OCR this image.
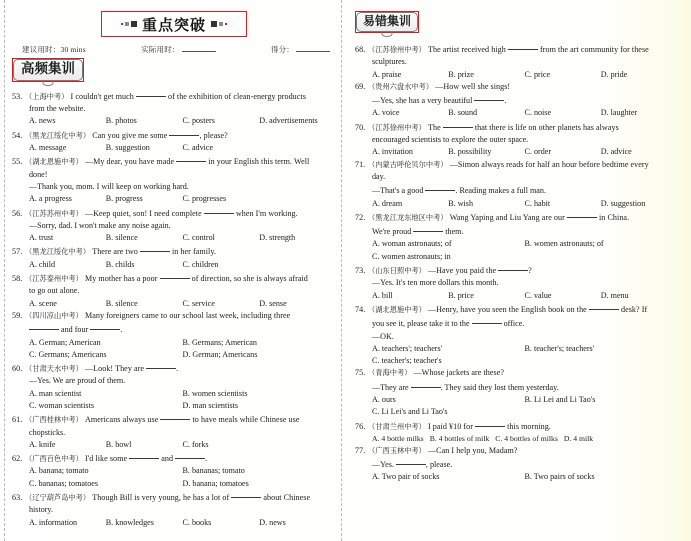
重点突破
建议用时：30 mins	实际用时：	得分：
高频集训
53. （上海中考） I couldn't get much	of the exhibition of clean-energy products
from the website.
A. news	B. photos	C. posters	D. advertisements
54. （黑龙江绥化中考） Can you give me some	, please?
A. message	B. suggestion	C. advice
55. （湖北恩施中考） —My dear, you have made	in your English this term. Well
done!
—Thank you, mom. I will keep on working hard.
A. a progress	B. progress	C. progresses
56. （江苏苏州中考） —Keep quiet, son! I need complete	when I'm working.
—Sorry, dad. I won't make any noise again.
A. trust	B. silence	C. control	D. strength
57. （黑龙江绥化中考） There are two	in her family.
A. child	B. childs	C. children
58. （江苏泰州中考） My mother has a poor	of direction, so she is always afraid
to go out alone.
A. scene	B. silence	C. service	D. sense
59. （四川凉山中考） Many foreigners came to our school last week, including three
and four	.
A. German; American	B. Germans; American
C. Germans; Americans	D. German; Americans
60. （甘肃天水中考） —Look! They are	.
—Yes. We are proud of them.
A. man scientist	B. women scientists
C. woman scientists	D. man scientists
61. （广西桂林中考） Americans always use	to have meals while Chinese use
chopsticks.
A. knife	B. bowl	C. forks
62. （广西百色中考） I'd like some	and	.
A. banana; tomato	B. bananas; tomato
C. bananas; tomatoes	D. banana; tomatoes
63. （辽宁葫芦岛中考） Though Bill is very young, he has a lot of	about Chinese
history.
A. information	B. knowledges	C. books	D. news
易错集训
68. （江苏徐州中考） The artist received high	from the art community for these
sculptures.
A. praise	B. prize	C. price	D. pride
69. （贵州六盘水中考） —How well she sings!
—Yes, she has a very beautiful	.
A. voice	B. sound	C. noise	D. laughter
70. （江苏徐州中考） The	that there is life on other planets has always
encouraged scientists to explore the outer space.
A. invitation	B. possibility	C. order	D. advice
71. （内蒙古呼伦贝尔中考） —Simon always reads for half an hour before bedtime every
day.
—That's a good	. Reading makes a full man.
A. dream	B. wish	C. habit	D. suggestion
72. （黑龙江龙东地区中考） Wang Yaping and Liu Yang are our	in China.
We're proud	them.
A. woman astronauts; of	B. women astronauts; of
C. women astronauts; in
73. （山东日照中考） —Have you paid the	?
—Yes. It's ten more dollars this month.
A. bill	B. price	C. value	D. menu
74. （湖北恩施中考） —Henry, have you seen the English book on the	desk? If
you see it, please take it to the	office.
—OK.
A. teachers'; teachers'	B. teacher's; teachers'
C. teacher's; teacher's
75. （青海中考） —Whose jackets are these?
—They are	. They said they lost them yesterday.
A. ours	B. Li Lei and Li Tao's
C. Li Lei's and Li Tao's
76. （甘肃兰州中考） I paid ¥10 for	this morning.
A. 4 bottle milks B. 4 bottles of milk C. 4 bottles of milks D. 4 milk
77. （广西玉林中考） —Can I help you, Madam?
—Yes.	, please.
A. Two pair of socks	B. Two pairs of socks
